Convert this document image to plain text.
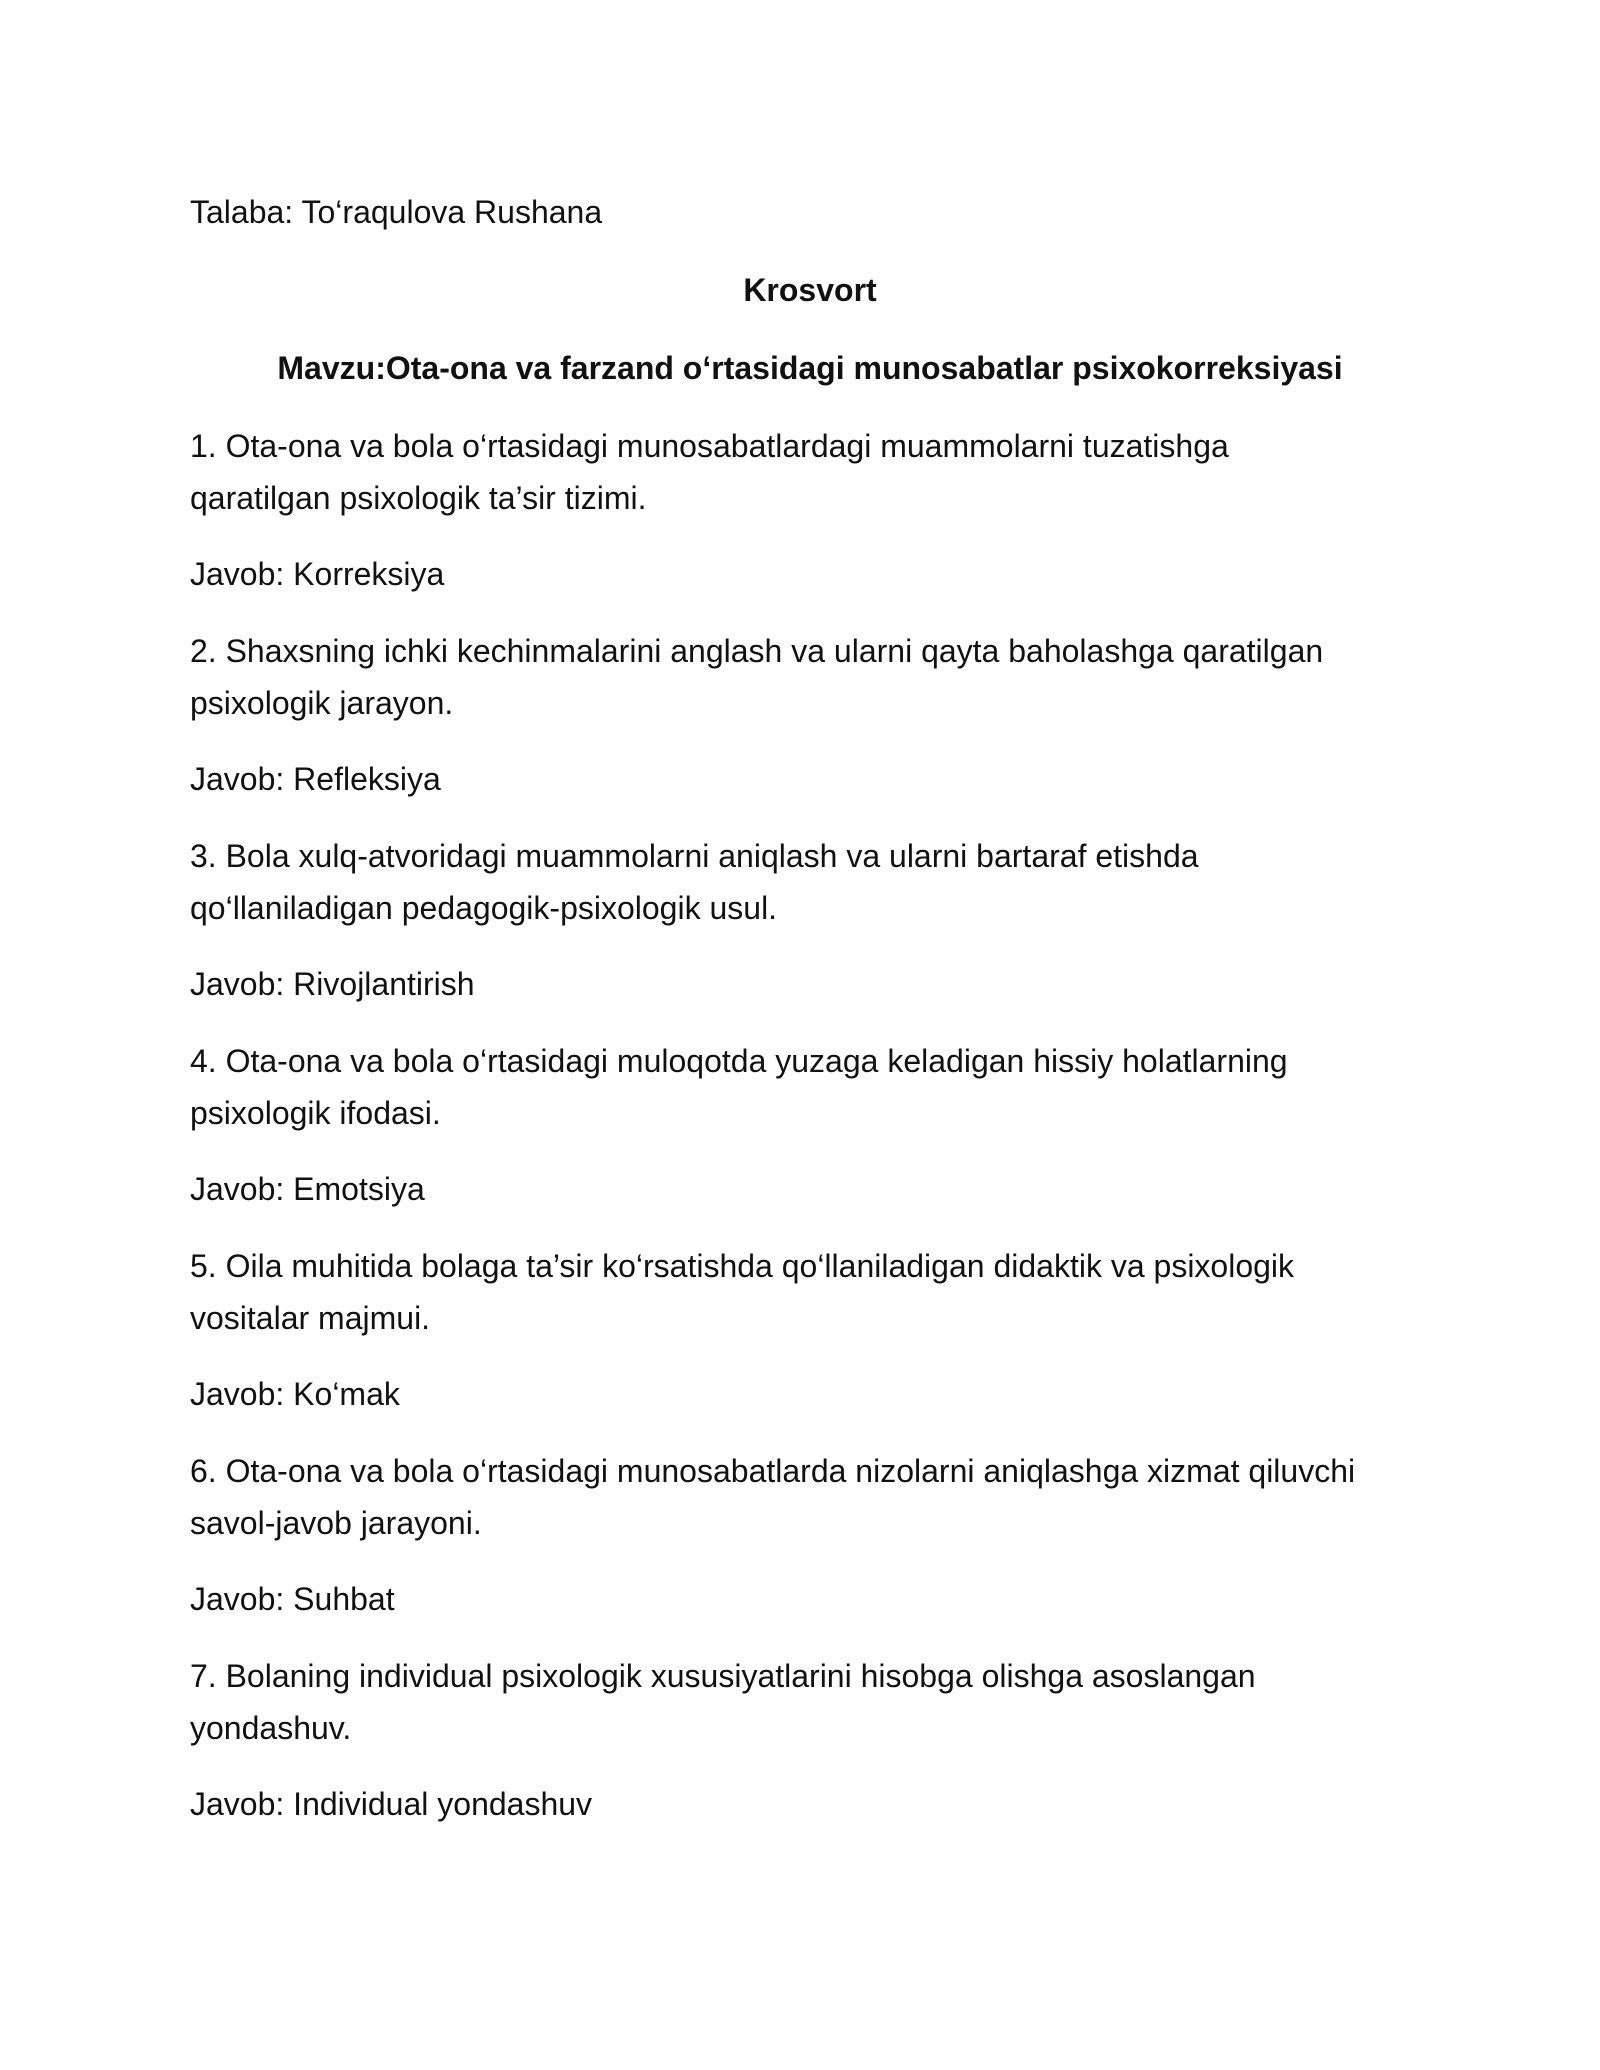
Talaba: To‘raqulova Rushana

Krosvort

Mavzu:Ota-ona va farzand o‘rtasidagi munosabatlar psixokorreksiyasi

1. Ota-ona va bola o‘rtasidagi munosabatlardagi muammolarni tuzatishga
qaratilgan psixologik ta’sir tizimi.

Javob: Korreksiya

2. Shaxsning ichki kechinmalarini anglash va ularni qayta baholashga qaratilgan
psixologik jarayon.

Javob: Refleksiya

3. Bola xulq-atvoridagi muammolarni aniqlash va ularni bartaraf etishda
qo‘llaniladigan pedagogik-psixologik usul.

Javob: Rivojlantirish

4. Ota-ona va bola o‘rtasidagi muloqotda yuzaga keladigan hissiy holatlarning
psixologik ifodasi.

Javob: Emotsiya

5. Oila muhitida bolaga ta’sir ko‘rsatishda qo‘llaniladigan didaktik va psixologik
vositalar majmui.

Javob: Ko‘mak

6. Ota-ona va bola o‘rtasidagi munosabatlarda nizolarni aniqlashga xizmat qiluvchi
savol-javob jarayoni.

Javob: Suhbat

7. Bolaning individual psixologik xususiyatlarini hisobga olishga asoslangan
yondashuv.

Javob: Individual yondashuv
